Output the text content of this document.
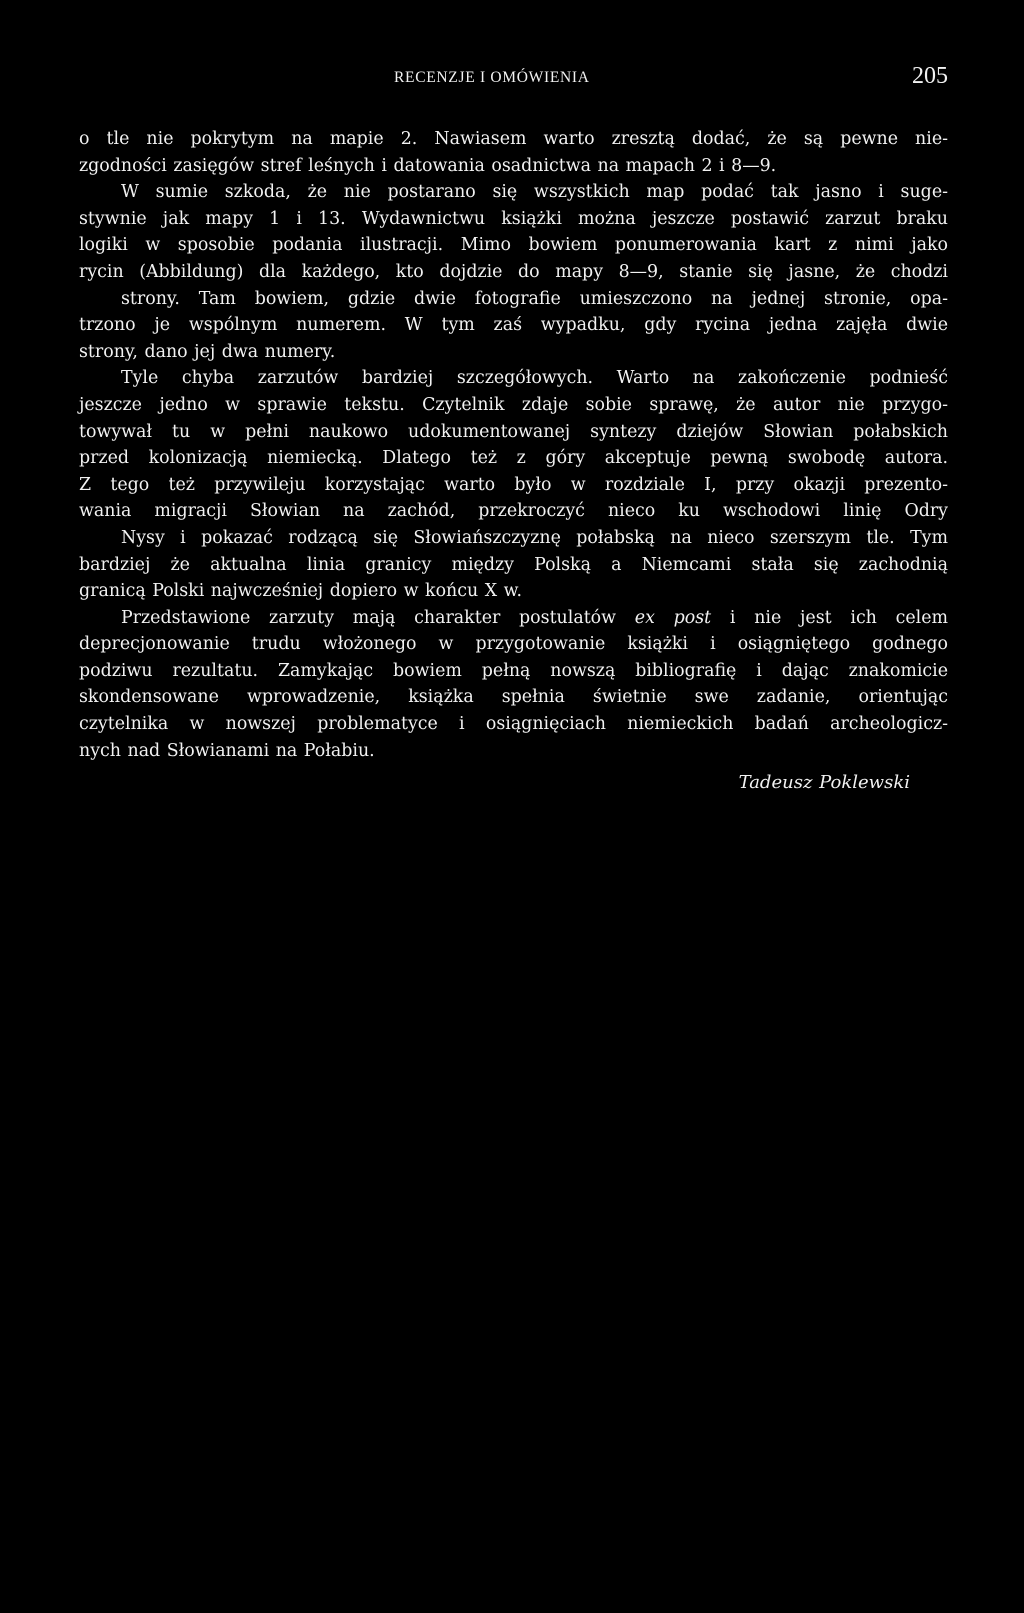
RECENZJE I OMÓWIENIA	205
o tle nie pokrytym na mapie 2. Nawiasem warto zresztą dodać, że są pewne nie-
zgodności zasięgów stref leśnych i datowania osadnictwa na mapach 2 i 8—9.
W sumie szkoda, że nie postarano się wszystkich map podać tak jasno i suge-
stywnie jak mapy 1 i 13. Wydawnictwu książki można jeszcze postawić zarzut braku
logiki w sposobie podania ilustracji. Mimo bowiem ponumerowania kart z nimi jako
rycin (Abbildung) dla każdego, kto dojdzie do mapy 8—9, stanie się jasne, że chodzi
strony. Tam bowiem, gdzie dwie fotografie umieszczono na jednej stronie, opa-
trzono je wspólnym numerem. W tym zaś wypadku, gdy rycina jedna zajęła dwie
strony, dano jej dwa numery.
Tyle chyba zarzutów bardziej szczegółowych. Warto na zakończenie podnieść
jeszcze jedno w sprawie tekstu. Czytelnik zdaje sobie sprawę, że autor nie przygo-
towywał tu w pełni naukowo udokumentowanej syntezy dziejów Słowian połabskich
przed kolonizacją niemiecką. Dlatego też z góry akceptuje pewną swobodę autora.
Z tego też przywileju korzystając warto było w rozdziale I, przy okazji prezento-
wania migracji Słowian na zachód, przekroczyć nieco ku wschodowi linię Odry
Nysy i pokazać rodzącą się Słowiańszczyznę połabską na nieco szerszym tle. Tym
bardziej że aktualna linia granicy między Polską a Niemcami stała się zachodnią
granicą Polski najwcześniej dopiero w końcu X w.
Przedstawione zarzuty mają charakter postulatów ex post i nie jest ich celem
deprecjonowanie trudu włożonego w przygotowanie książki i osiągniętego godnego
podziwu rezultatu. Zamykając bowiem pełną nowszą bibliografię i dając znakomicie
skondensowane wprowadzenie, książka spełnia świetnie swe zadanie, orientując
czytelnika w nowszej problematyce i osiągnięciach niemieckich badań archeologicz-
nych nad Słowianami na Połabiu.
Tadeusz Poklewski
